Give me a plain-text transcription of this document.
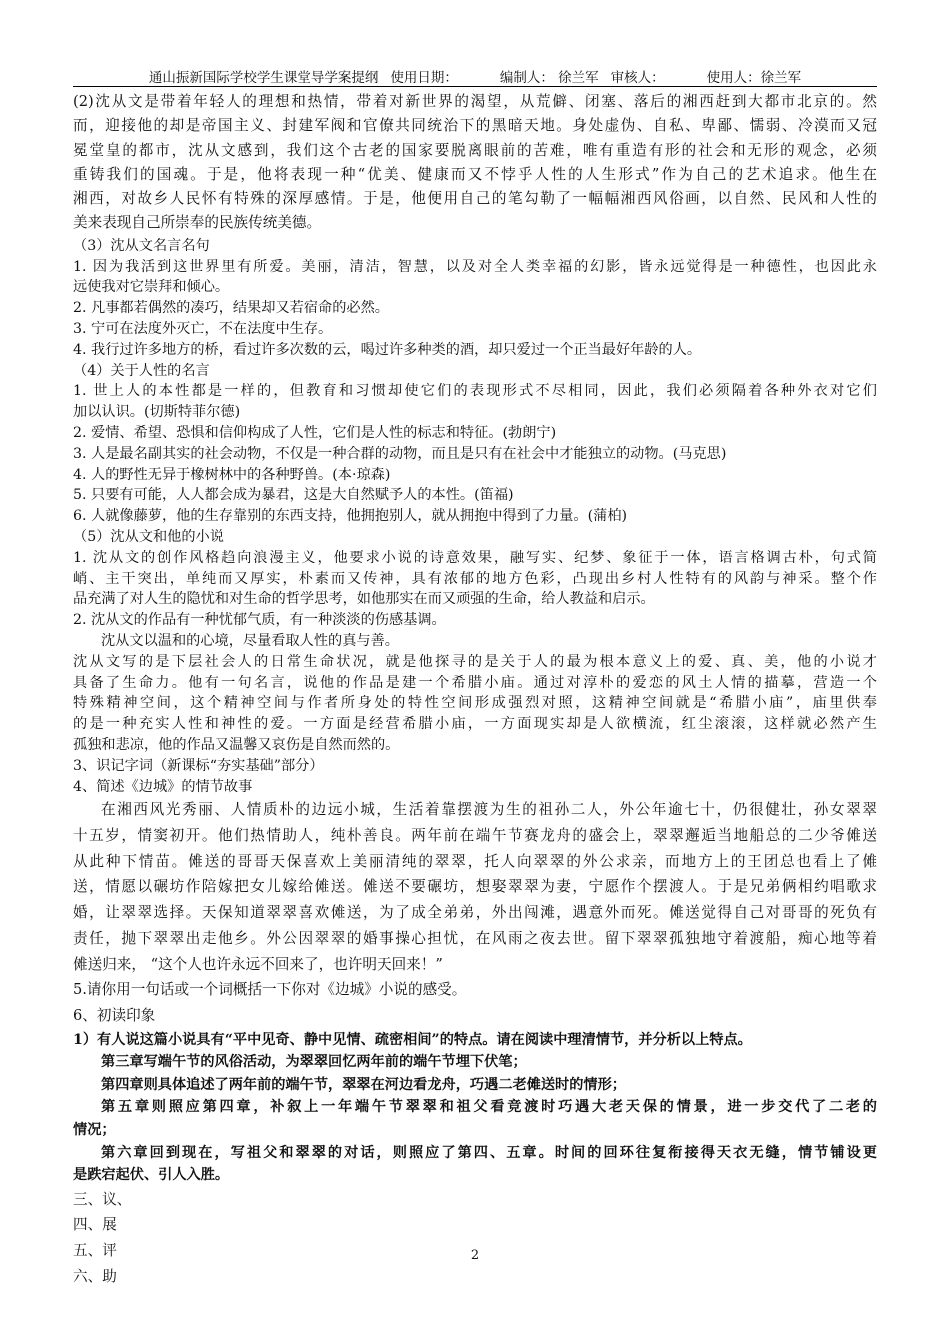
通山振新国际学校学生课堂导学案提纲 使用日期：	编制人： 徐兰军 审核人：	使用人：徐兰军
(2)沈从文是带着年轻人的理想和热情，带着对新世界的渴望，从荒僻、闭塞、落后的湘西赶到大都市北京的。然
而，迎接他的却是帝国主义、封建军阀和官僚共同统治下的黑暗天地。身处虚伪、自私、卑鄙、懦弱、冷漠而又冠
冕堂皇的都市，沈从文感到，我们这个古老的国家要脱离眼前的苦难，唯有重造有形的社会和无形的观念，必须
重铸我们的国魂。于是，他将表现一种“优美、健康而又不悖乎人性的人生形式”作为自己的艺术追求。他生在
湘西，对故乡人民怀有特殊的深厚感情。于是，他便用自己的笔勾勒了一幅幅湘西风俗画，以自然、民风和人性的
美来表现自己所崇奉的民族传统美德。
（3）沈从文名言名句
1. 因为我活到这世界里有所爱。美丽，清洁，智慧，以及对全人类幸福的幻影，皆永远觉得是一种德性，也因此永
远使我对它崇拜和倾心。
2. 凡事都若偶然的凑巧，结果却又若宿命的必然。
3. 宁可在法度外灭亡，不在法度中生存。
4. 我行过许多地方的桥，看过许多次数的云，喝过许多种类的酒，却只爱过一个正当最好年龄的人。
（4）关于人性的名言
1. 世上人的本性都是一样的，但教育和习惯却使它们的表现形式不尽相同，因此，我们必须隔着各种外衣对它们
加以认识。(切斯特菲尔德)
2. 爱情、希望、恐惧和信仰构成了人性，它们是人性的标志和特征。(勃朗宁)
3. 人是最名副其实的社会动物，不仅是一种合群的动物，而且是只有在社会中才能独立的动物。(马克思)
4. 人的野性无异于橡树林中的各种野兽。(本·琼森)
5. 只要有可能，人人都会成为暴君，这是大自然赋予人的本性。(笛福)
6. 人就像藤萝，他的生存靠别的东西支持，他拥抱别人，就从拥抱中得到了力量。(蒲柏)
（5）沈从文和他的小说
1. 沈从文的创作风格趋向浪漫主义，他要求小说的诗意效果，融写实、纪梦、象征于一体，语言格调古朴，句式简
峭、主干突出，单纯而又厚实，朴素而又传神，具有浓郁的地方色彩，凸现出乡村人性特有的风韵与神采。整个作
品充满了对人生的隐忧和对生命的哲学思考，如他那实在而又顽强的生命，给人教益和启示。
2. 沈从文的作品有一种忧郁气质，有一种淡淡的伤感基调。
沈从文以温和的心境，尽量看取人性的真与善。
沈从文写的是下层社会人的日常生命状况，就是他探寻的是关于人的最为根本意义上的爱、真、美，他的小说才
具备了生命力。他有一句名言，说他的作品是建一个希腊小庙。通过对淳朴的爱恋的风土人情的描摹，营造一个
特殊精神空间，这个精神空间与作者所身处的特性空间形成强烈对照，这精神空间就是“希腊小庙”，庙里供奉
的是一种充实人性和神性的爱。一方面是经营希腊小庙，一方面现实却是人欲横流，红尘滚滚，这样就必然产生
孤独和悲凉，他的作品又温馨又哀伤是自然而然的。
3、识记字词（新课标“夯实基础”部分）
4、简述《边城》的情节故事
在湘西风光秀丽、人情质朴的边远小城，生活着靠摆渡为生的祖孙二人，外公年逾七十，仍很健壮，孙女翠翠
十五岁，情窦初开。他们热情助人，纯朴善良。两年前在端午节赛龙舟的盛会上，翠翠邂逅当地船总的二少爷傩送
从此种下情苗。傩送的哥哥天保喜欢上美丽清纯的翠翠，托人向翠翠的外公求亲，而地方上的王团总也看上了傩
送，情愿以碾坊作陪嫁把女儿嫁给傩送。傩送不要碾坊，想娶翠翠为妻，宁愿作个摆渡人。于是兄弟俩相约唱歌求
婚，让翠翠选择。天保知道翠翠喜欢傩送，为了成全弟弟，外出闯滩，遇意外而死。傩送觉得自己对哥哥的死负有
责任，抛下翠翠出走他乡。外公因翠翠的婚事操心担忧，在风雨之夜去世。留下翠翠孤独地守着渡船，痴心地等着
傩送归来， “这个人也许永远不回来了，也许明天回来！”
5.请你用一句话或一个词概括一下你对《边城》小说的感受。
6、初读印象
1）有人说这篇小说具有“平中见奇、静中见情、疏密相间”的特点。请在阅读中理清情节，并分析以上特点。
第三章写端午节的风俗活动，为翠翠回忆两年前的端午节埋下伏笔；
第四章则具体追述了两年前的端午节，翠翠在河边看龙舟，巧遇二老傩送时的情形；
第五章则照应第四章，补叙上一年端午节翠翠和祖父看竞渡时巧遇大老天保的情景，进一步交代了二老的
情况；
第六章回到现在，写祖父和翠翠的对话，则照应了第四、五章。时间的回环往复衔接得天衣无缝，情节铺设更
是跌宕起伏、引人入胜。
三、议、
四、展
五、评
六、助
2
